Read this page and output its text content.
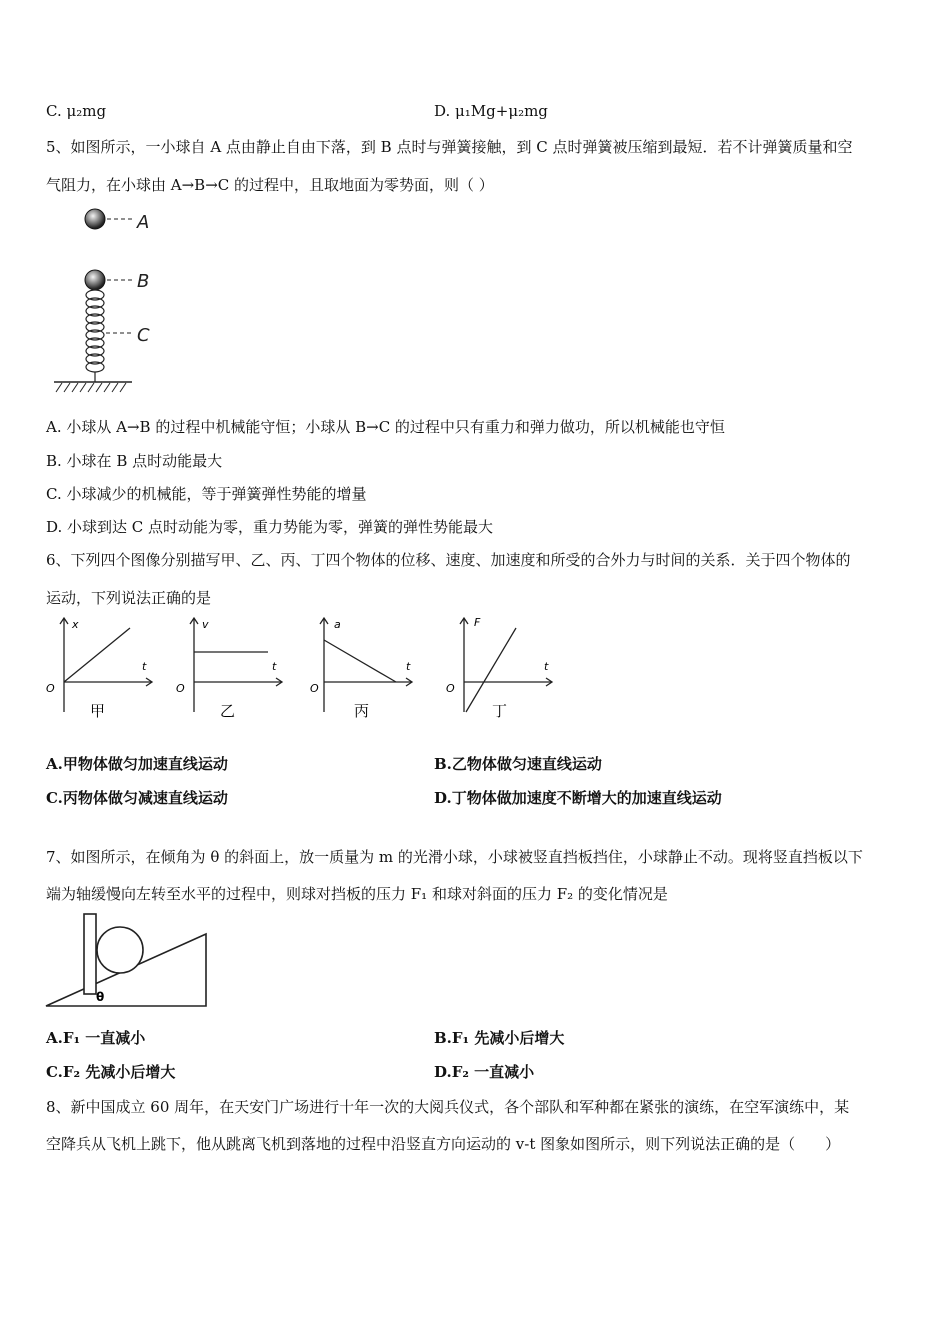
C. μ₂mg	D. μ₁Mg+μ₂mg
5、如图所示，一小球自 A 点由静止自由下落，到 B 点时与弹簧接触，到 C 点时弹簧被压缩到最短．若不计弹簧质量和空
气阻力，在小球由 A→B→C 的过程中，且取地面为零势面，则（ ）
A
B
C
A. 小球从 A→B 的过程中机械能守恒；小球从 B→C 的过程中只有重力和弹力做功，所以机械能也守恒
B. 小球在 B 点时动能最大
C. 小球减少的机械能，等于弹簧弹性势能的增量
D. 小球到达 C 点时动能为零，重力势能为零，弹簧的弹性势能最大
6、下列四个图像分别描写甲、乙、丙、丁四个物体的位移、速度、加速度和所受的合外力与时间的关系．关于四个物体的
运动，下列说法正确的是
x
t
O
甲
v
t
O
乙
a
t
O
丙
F
t
O
丁
A.甲物体做匀加速直线运动	B.乙物体做匀速直线运动
C.丙物体做匀减速直线运动	D.丁物体做加速度不断增大的加速直线运动
7、如图所示，在倾角为 θ 的斜面上，放一质量为 m 的光滑小球，小球被竖直挡板挡住，小球静止不动。现将竖直挡板以下
端为轴缓慢向左转至水平的过程中，则球对挡板的压力 F₁ 和球对斜面的压力 F₂ 的变化情况是
θ
A.F₁ 一直减小	B.F₁ 先减小后增大
C.F₂ 先减小后增大	D.F₂ 一直减小
8、新中国成立 60 周年，在天安门广场进行十年一次的大阅兵仪式，各个部队和军种都在紧张的演练，在空军演练中，某
空降兵从飞机上跳下，他从跳离飞机到落地的过程中沿竖直方向运动的 v-t 图象如图所示，则下列说法正确的是（　　）
